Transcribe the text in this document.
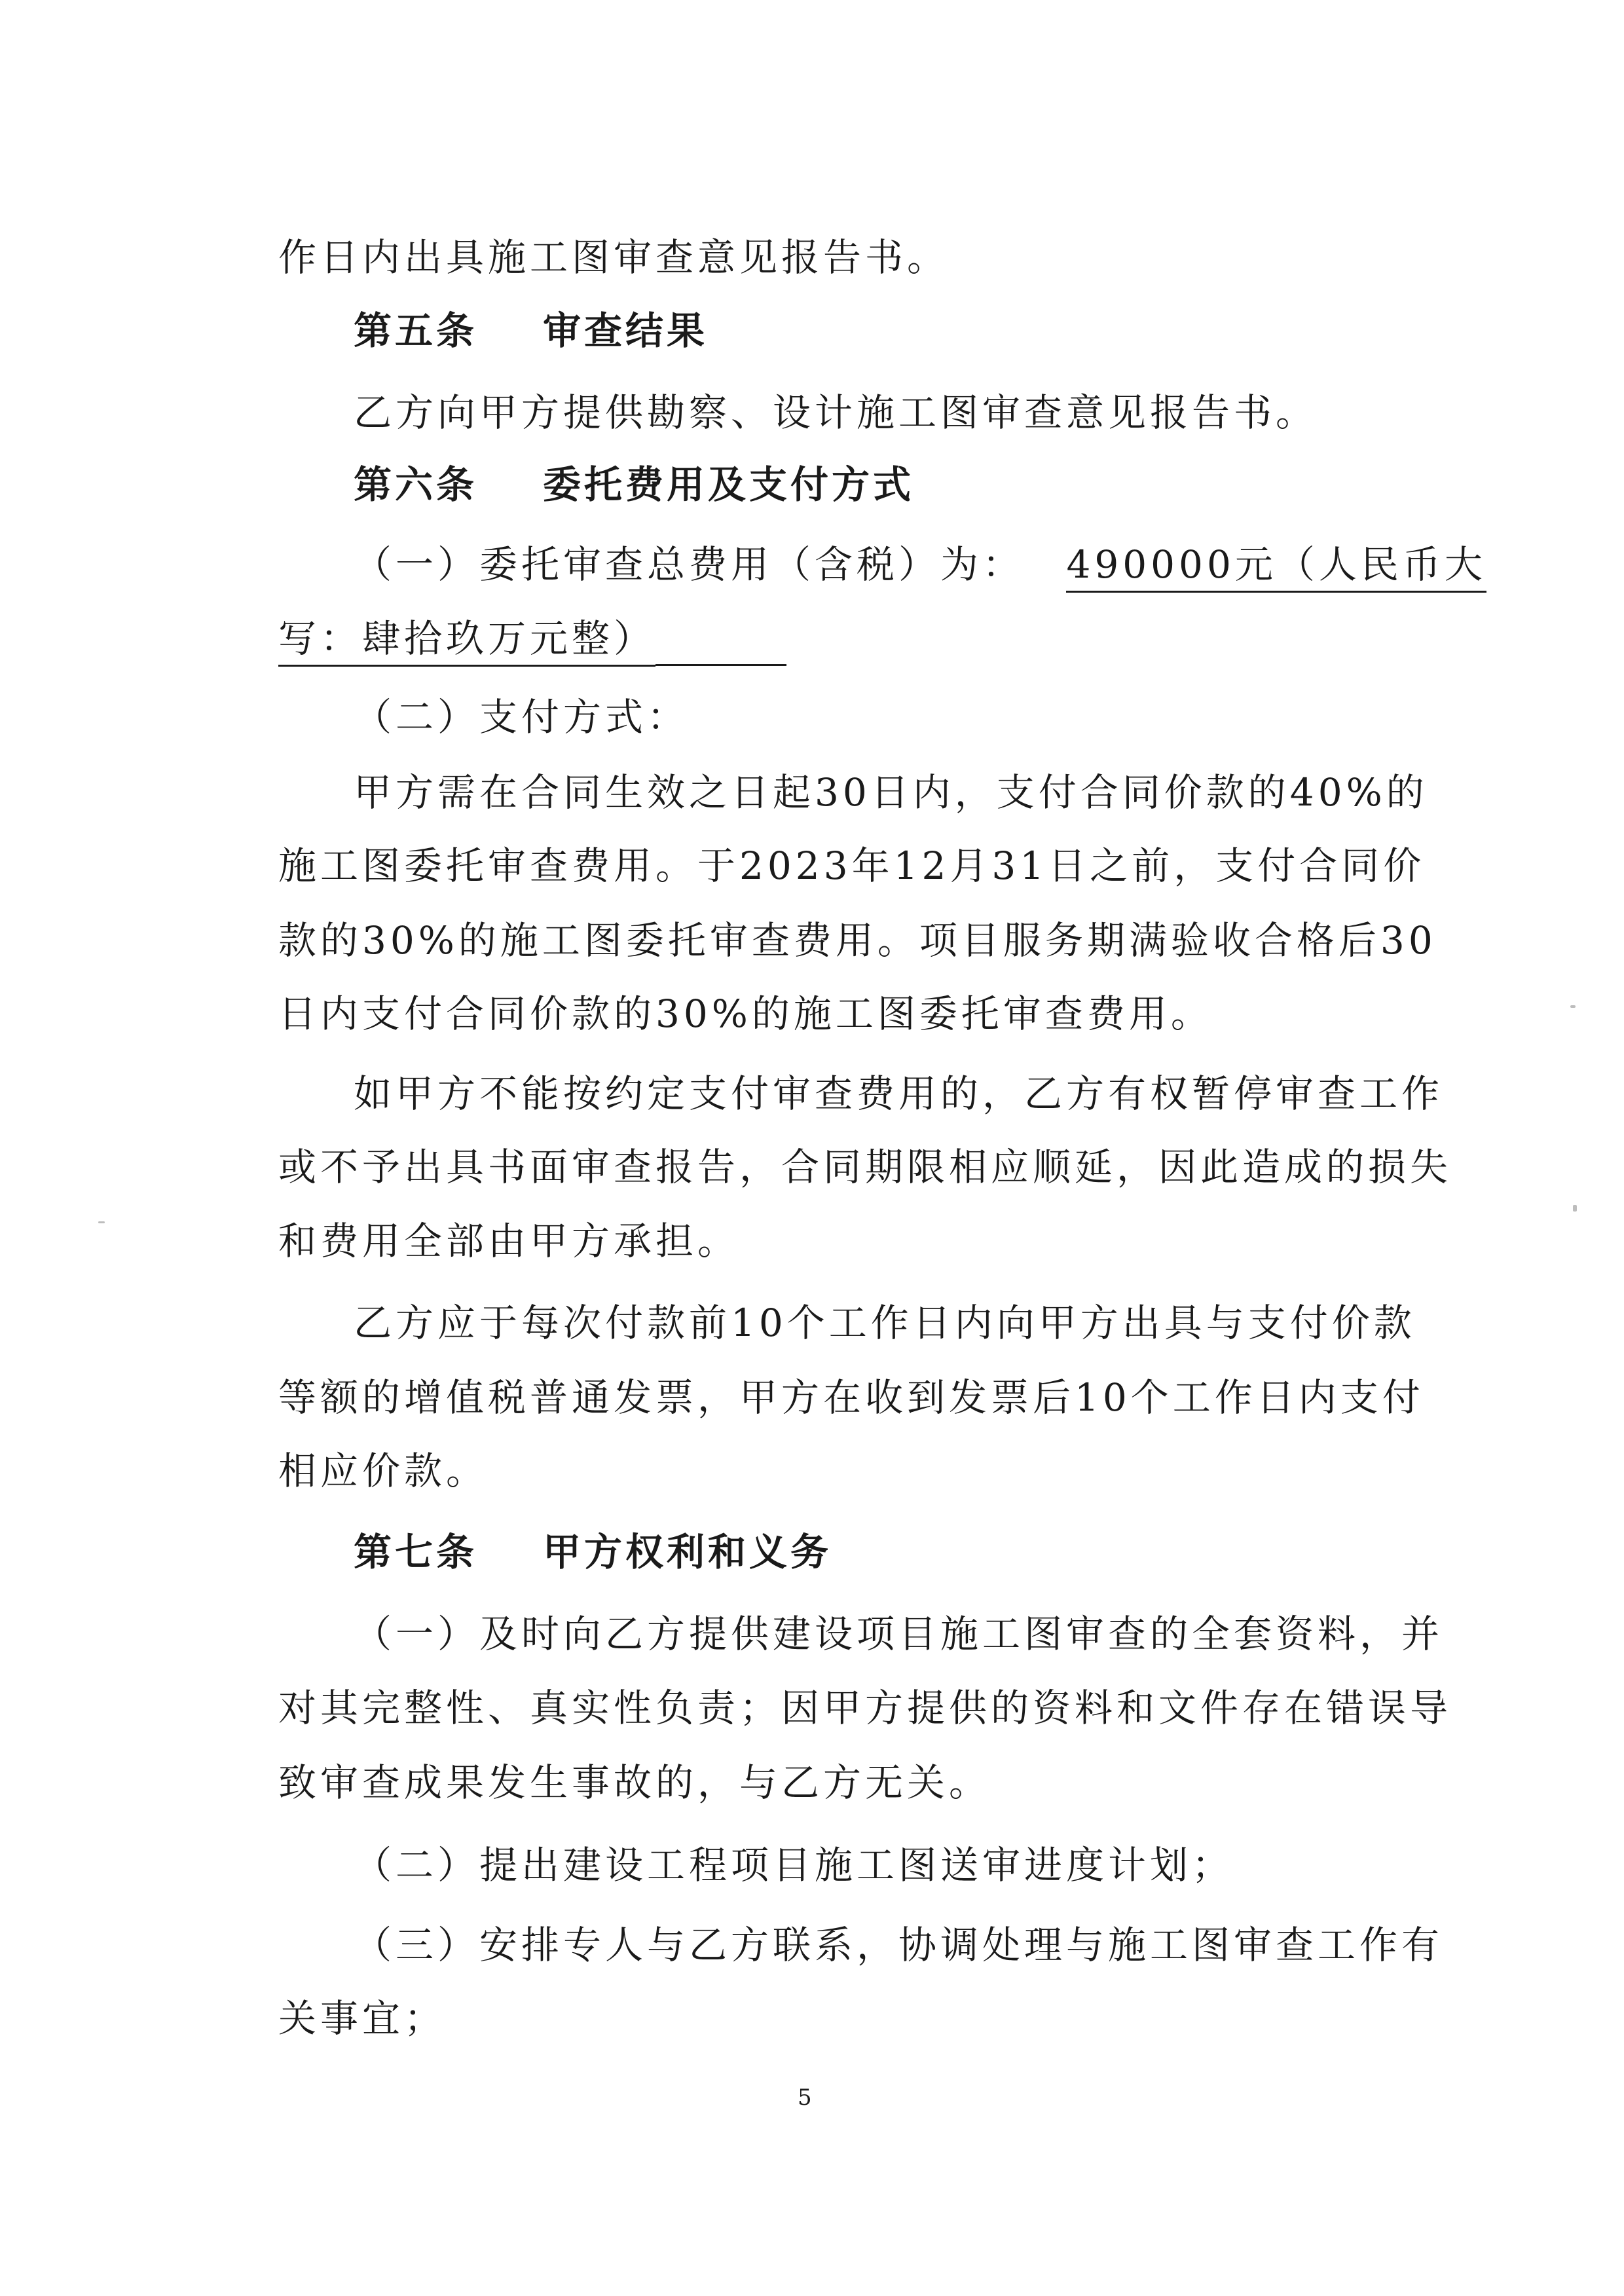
作日内出具施工图审查意见报告书。
第五条 审查结果
乙方向甲方提供勘察、设计施工图审查意见报告书。
第六条 委托费用及支付方式
（一）委托审查总费用（含税）为： 490000元（人民币大
写：肆拾玖万元整）
（二）支付方式：
甲方需在合同生效之日起30日内，支付合同价款的40%的
施工图委托审查费用。于2023年12月31日之前，支付合同价
款的30%的施工图委托审查费用。项目服务期满验收合格后30
日内支付合同价款的30%的施工图委托审查费用。
如甲方不能按约定支付审查费用的，乙方有权暂停审查工作
或不予出具书面审查报告，合同期限相应顺延，因此造成的损失
和费用全部由甲方承担。
乙方应于每次付款前10个工作日内向甲方出具与支付价款
等额的增值税普通发票，甲方在收到发票后10个工作日内支付
相应价款。
第七条 甲方权利和义务
（一）及时向乙方提供建设项目施工图审查的全套资料，并
对其完整性、真实性负责；因甲方提供的资料和文件存在错误导
致审查成果发生事故的，与乙方无关。
（二）提出建设工程项目施工图送审进度计划；
（三）安排专人与乙方联系，协调处理与施工图审查工作有
关事宜；
5
